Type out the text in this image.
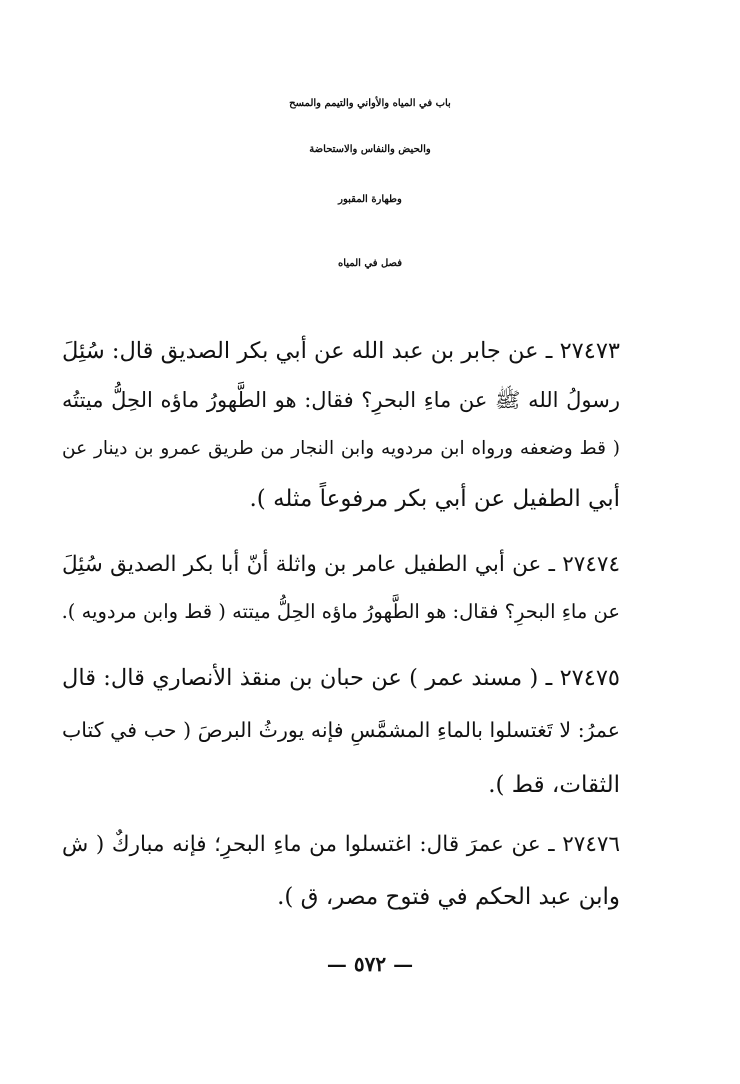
باب في المياه والأواني والتيمم والمسح
والحيض والنفاس والاستحاضة
وطهارة المقبور
فصل في المياه
٢٧٤٧٣ ـ عن جابر بن عبد الله عن أبي بكر الصديق قال: سُئِلَ
رسولُ الله ﷺ عن ماءِ البحرِ؟ فقال: هو الطَّهورُ ماؤه الحِلُّ ميتتُه
( قط وضعفه ورواه ابن مردويه وابن النجار من طريق عمرو بن دينار عن
أبي الطفيل عن أبي بكر مرفوعاً مثله ).
٢٧٤٧٤ ـ عن أبي الطفيل عامر بن واثلة أنّ أبا بكر الصديق سُئِلَ
عن ماءِ البحرِ؟ فقال: هو الطَّهورُ ماؤه الحِلُّ ميتته ( قط وابن مردويه ).
٢٧٤٧٥ ـ ( مسند عمر ) عن حبان بن منقذ الأنصاري قال: قال
عمرُ: لا تَغتسلوا بالماءِ المشمَّسِ فإنه يورثُ البرصَ ( حب في كتاب
الثقات، قط ).
٢٧٤٧٦ ـ عن عمرَ قال: اغتسلوا من ماءِ البحرِ؛ فإنه مباركٌ ( ش
وابن عبد الحكم في فتوح مصر، ق ).
— ٥٧٢ —
